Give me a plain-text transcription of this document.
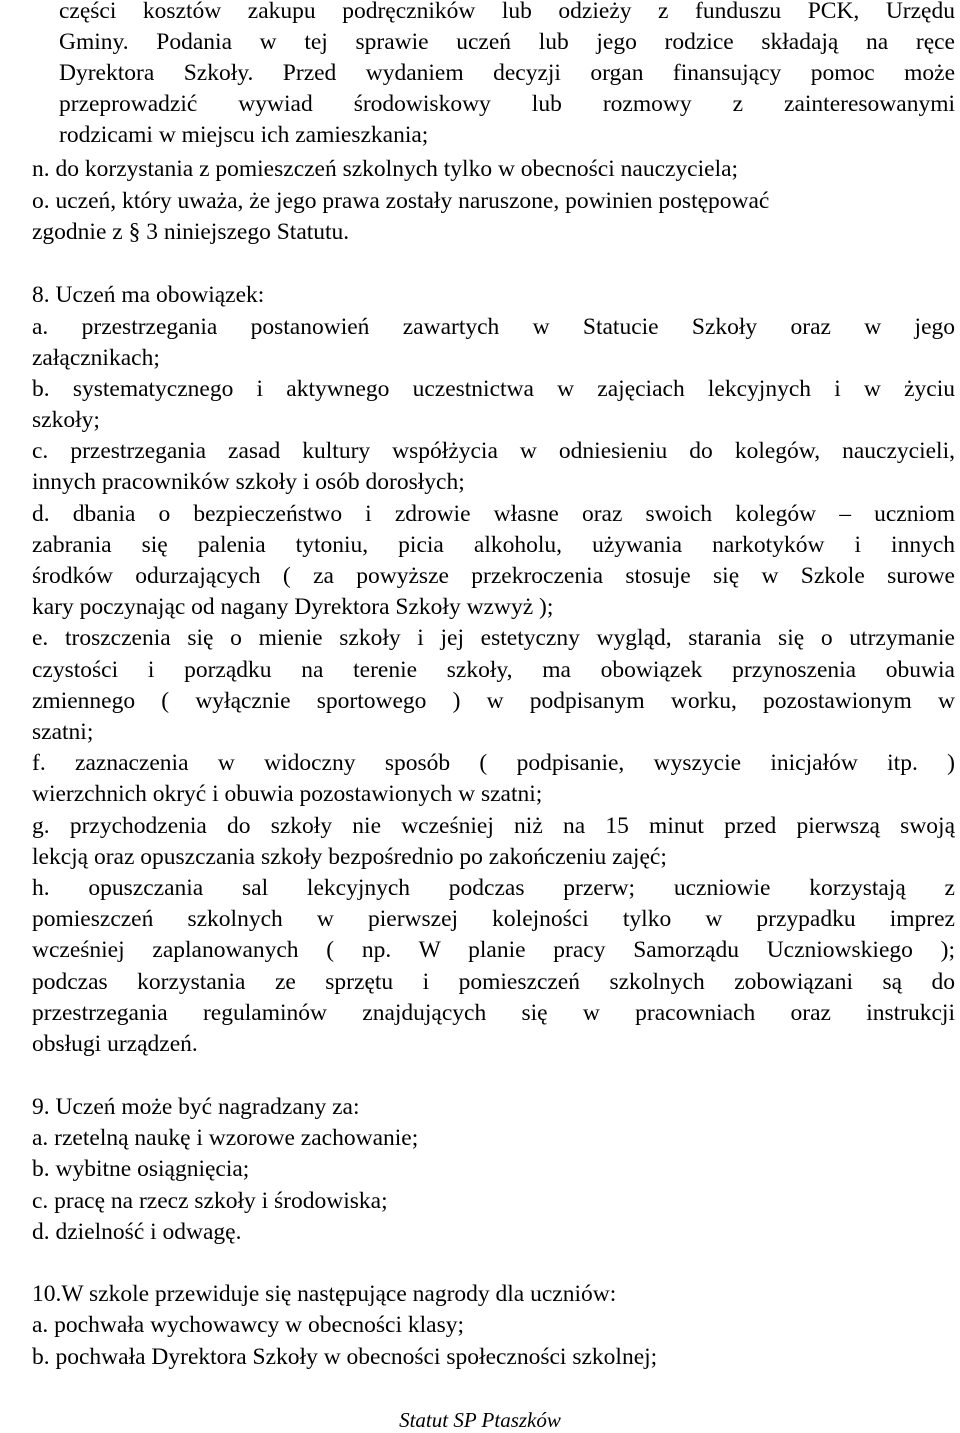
części kosztów zakupu podręczników lub odzieży z funduszu PCK, Urzędu
Gminy. Podania w tej sprawie uczeń lub jego rodzice składają na ręce
Dyrektora Szkoły. Przed wydaniem decyzji organ finansujący pomoc może
przeprowadzić wywiad środowiskowy lub rozmowy z zainteresowanymi
rodzicami w miejscu ich zamieszkania;
n. do korzystania z pomieszczeń szkolnych tylko w obecności nauczyciela;
o. uczeń, który uważa, że jego prawa zostały naruszone, powinien postępować
zgodnie z § 3 niniejszego Statutu.
8. Uczeń ma obowiązek:
a. przestrzegania postanowień zawartych w Statucie Szkoły oraz w jego
załącznikach;
b. systematycznego i aktywnego uczestnictwa w zajęciach lekcyjnych i w życiu
szkoły;
c. przestrzegania zasad kultury współżycia w odniesieniu do kolegów, nauczycieli,
innych pracowników szkoły i osób dorosłych;
d. dbania o bezpieczeństwo i zdrowie własne oraz swoich kolegów – uczniom
zabrania się palenia tytoniu, picia alkoholu, używania narkotyków i innych
środków odurzających ( za powyższe przekroczenia stosuje się w Szkole surowe
kary poczynając od nagany Dyrektora Szkoły wzwyż );
e. troszczenia się o mienie szkoły i jej estetyczny wygląd, starania się o utrzymanie
czystości i porządku na terenie szkoły, ma obowiązek przynoszenia obuwia
zmiennego ( wyłącznie sportowego ) w podpisanym worku, pozostawionym w
szatni;
f. zaznaczenia w widoczny sposób ( podpisanie, wyszycie inicjałów itp. )
wierzchnich okryć i obuwia pozostawionych w szatni;
g. przychodzenia do szkoły nie wcześniej niż na 15 minut przed pierwszą swoją
lekcją oraz opuszczania szkoły bezpośrednio po zakończeniu zajęć;
h. opuszczania sal lekcyjnych podczas przerw; uczniowie korzystają z
pomieszczeń szkolnych w pierwszej kolejności tylko w przypadku imprez
wcześniej zaplanowanych ( np. W planie pracy Samorządu Uczniowskiego );
podczas korzystania ze sprzętu i pomieszczeń szkolnych zobowiązani są do
przestrzegania regulaminów znajdujących się w pracowniach oraz instrukcji
obsługi urządzeń.
9. Uczeń może być nagradzany za:
a. rzetelną naukę i wzorowe zachowanie;
b. wybitne osiągnięcia;
c. pracę na rzecz szkoły i środowiska;
d. dzielność i odwagę.
10.W szkole przewiduje się następujące nagrody dla uczniów:
a. pochwała wychowawcy w obecności klasy;
b. pochwała Dyrektora Szkoły w obecności społeczności szkolnej;
Statut SP Ptaszków
